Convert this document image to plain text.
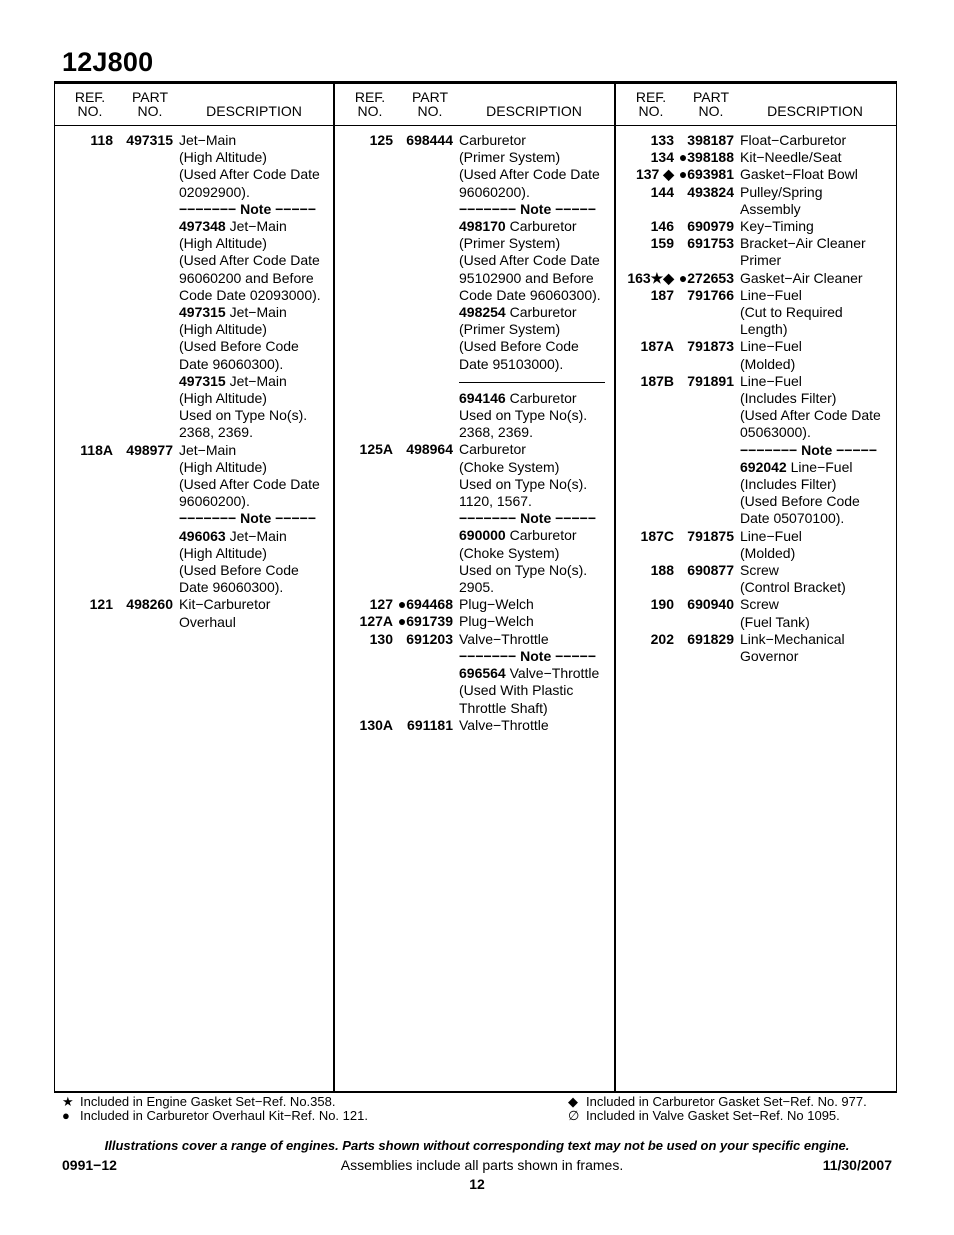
12J800
REF.
NO.
PART
NO.	DESCRIPTION
118 497315 Jet−Main
(High Altitude)
(Used After Code Date
02092900).
−−−−−−− Note −−−−−
497348 Jet−Main
(High Altitude)
(Used After Code Date
96060200 and Before
Code Date 02093000).
497315 Jet−Main
(High Altitude)
(Used Before Code
Date 96060300).
497315 Jet−Main
(High Altitude)
Used on Type No(s).
2368, 2369.
118A 498977 Jet−Main
(High Altitude)
(Used After Code Date
96060200).
−−−−−−− Note −−−−−
496063 Jet−Main
(High Altitude)
(Used Before Code
Date 96060300).
121 498260 Kit−Carburetor
Overhaul
REF.
NO.
PART
NO.	DESCRIPTION
125 698444 Carburetor
(Primer System)
(Used After Code Date
96060200).
−−−−−−− Note −−−−−
498170 Carburetor
(Primer System)
(Used After Code Date
95102900 and Before
Code Date 96060300).
498254 Carburetor
(Primer System)
(Used Before Code
Date 95103000).
694146 Carburetor
Used on Type No(s).
2368, 2369.
125A 498964 Carburetor
(Choke System)
Used on Type No(s).
1120, 1567.
−−−−−−− Note −−−−−
690000 Carburetor
(Choke System)
Used on Type No(s).
2905.
127 ●694468 Plug−Welch
127A ●691739 Plug−Welch
130 691203 Valve−Throttle
−−−−−−− Note −−−−−
696564 Valve−Throttle
(Used With Plastic
Throttle Shaft)
130A	691181 Valve−Throttle
REF.
NO.
PART
NO.	DESCRIPTION
133 398187 Float−Carburetor
134 ●398188 Kit−Needle/Seat
137 ◆ ●693981 Gasket−Float Bowl
144 493824 Pulley/Spring
Assembly
146 690979 Key−Timing
159 691753 Bracket−Air Cleaner
Primer
163★◆ ●272653 Gasket−Air Cleaner
187 791766 Line−Fuel
(Cut to Required
Length)
187A 791873 Line−Fuel
(Molded)
187B 791891 Line−Fuel
(Includes Filter)
(Used After Code Date
05063000).
−−−−−−− Note −−−−−
692042 Line−Fuel
(Includes Filter)
(Used Before Code
Date 05070100).
187C 791875 Line−Fuel
(Molded)
188 690877 Screw
(Control Bracket)
190 690940 Screw
(Fuel Tank)
202 691829 Link−Mechanical
Governor
★ Included in Engine Gasket Set−Ref. No.358.
● Included in Carburetor Overhaul Kit−Ref. No. 121.
◆ Included in Carburetor Gasket Set−Ref. No. 977.
∅ Included in Valve Gasket Set−Ref. No 1095.
Illustrations cover a range of engines. Parts shown without corresponding text may not be used on your specific engine.
0991−12	Assemblies include all parts shown in frames.	11/30/2007
12
